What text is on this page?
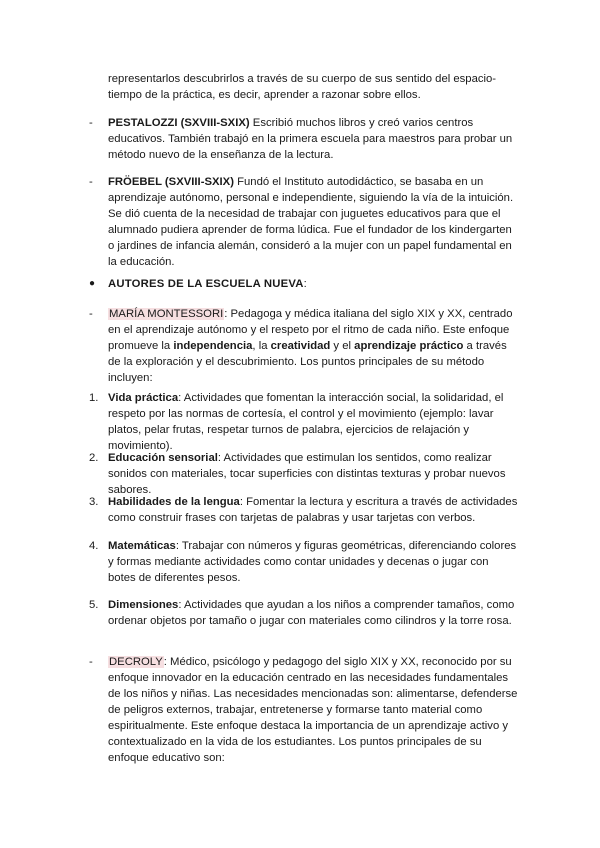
representarlos descubrirlos a través de su cuerpo de sus sentido del espacio-tiempo de la práctica, es decir, aprender a razonar sobre ellos.

- PESTALOZZI (SXVIII-SXIX) Escribió muchos libros y creó varios centros educativos. También trabajó en la primera escuela para maestros para probar un método nuevo de la enseñanza de la lectura.

- FRÖEBEL (SXVIII-SXIX) Fundó el Instituto autodidáctico, se basaba en un aprendizaje autónomo, personal e independiente, siguiendo la vía de la intuición. Se dió cuenta de la necesidad de trabajar con juguetes educativos para que el alumnado pudiera aprender de forma lúdica. Fue el fundador de los kindergarten o jardines de infancia alemán, consideró a la mujer con un papel fundamental en la educación.

● AUTORES DE LA ESCUELA NUEVA:

- MARÍA MONTESSORI: Pedagoga y médica italiana del siglo XIX y XX, centrado en el aprendizaje autónomo y el respeto por el ritmo de cada niño. Este enfoque promueve la independencia, la creatividad y el aprendizaje práctico a través de la exploración y el descubrimiento. Los puntos principales de su método incluyen:

1. Vida práctica: Actividades que fomentan la interacción social, la solidaridad, el respeto por las normas de cortesía, el control y el movimiento (ejemplo: lavar platos, pelar frutas, respetar turnos de palabra, ejercicios de relajación y movimiento).

2. Educación sensorial: Actividades que estimulan los sentidos, como realizar sonidos con materiales, tocar superficies con distintas texturas y probar nuevos sabores.

3. Habilidades de la lengua: Fomentar la lectura y escritura a través de actividades como construir frases con tarjetas de palabras y usar tarjetas con verbos.

4. Matemáticas: Trabajar con números y figuras geométricas, diferenciando colores y formas mediante actividades como contar unidades y decenas o jugar con botes de diferentes pesos.

5. Dimensiones: Actividades que ayudan a los niños a comprender tamaños, como ordenar objetos por tamaño o jugar con materiales como cilindros y la torre rosa.

- DECROLY: Médico, psicólogo y pedagogo del siglo XIX y XX, reconocido por su enfoque innovador en la educación centrado en las necesidades fundamentales de los niños y niñas. Las necesidades mencionadas son: alimentarse, defenderse de peligros externos, trabajar, entretenerse y formarse tanto material como espiritualmente. Este enfoque destaca la importancia de un aprendizaje activo y contextualizado en la vida de los estudiantes. Los puntos principales de su enfoque educativo son:
